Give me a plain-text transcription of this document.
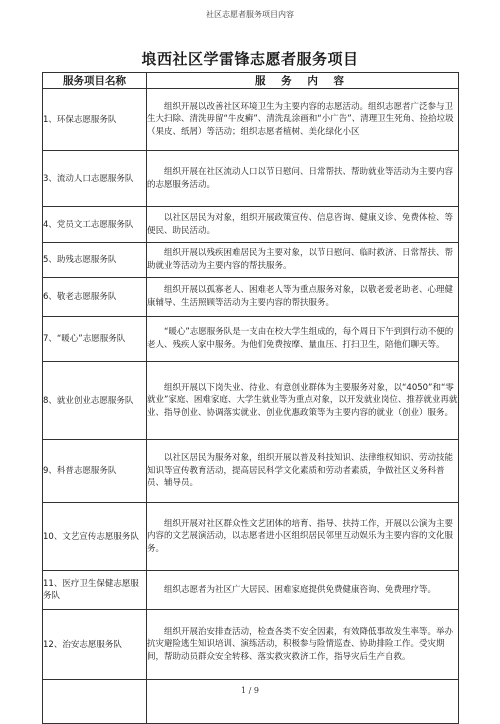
社区志愿者服务项目内容
埌西社区学雷锋志愿者服务项目
服务项目名称	服 务 内 容
1、环保志愿服务队	组织开展以改善社区环境卫生为主要内容的志愿活动。组织志愿者广泛参与卫生大扫除、清洗毋留“牛皮癣”、清洗乱涂画和“小广告”、清理卫生死角、捡拾垃圾（果皮、纸屑）等活动；组织志愿者植树、美化绿化小区

3、流动人口志愿服务队	组织开展在社区流动人口以节日慰问、日常帮扶、帮助就业等活动为主要内容的志愿服务活动。

4、党员文工志愿服务队	以社区居民为对象，组织开展政策宣传、信息咨询、健康义诊、免费体检、等便民、助民活动。

5、助残志愿服务队	组织开展以残疾困难居民为主要对象，以节日慰问、临时救济、日常帮扶、帮助就业等活动为主要内容的帮扶服务。

6、敬老志愿服务队	组织开展以孤寡老人、困难老人等为重点服务对象，以敬老爱老助老、心理健康辅导、生活照顾等活动为主要内容的帮扶服务。

7、“暖心”志愿服务队	“暖心”志愿服务队是一支由在校大学生组成的，每个周日下午到到行动不便的老人、残疾人家中服务。为他们免费按摩、量血压、打扫卫生，陪他们聊天等。

8、就业创业志愿服务队	组织开展以下岗失业、待业、有意创业群体为主要服务对象，以“4050”和“零就业”家庭、困难家庭、大学生就业等为重点对象，以开发就业岗位、推荐就业再就业、指导创业、协调落实就业、创业优惠政策等为主要内容的就业（创业）服务。

9、科普志愿服务队	以社区居民为服务对象，组织开展以普及科技知识、法律维权知识、劳动技能知识等宣传教育活动，提高居民科学文化素质和劳动者素质，争做社区义务科普员、辅导员。

10、文艺宣传志愿服务队	组织开展对社区群众性文艺团体的培育、指导、扶持工作，开展以公演为主要内容的文艺展演活动，以志愿者进小区组织居民邻里互动娱乐为主要内容的文化服务。

11、医疗卫生保健志愿服务队	组织志愿者为社区广大居民、困难家庭提供免费健康咨询、免费理疗等。

12、治安志愿服务队	组织开展治安排查活动，检查各类不安全因素，有效降低事故发生率等。举办抗灾避险逃生知识培训、演练活动，积极参与险情巡查、协助排险工作。受灾期间，帮助动员群众安全转移、落实救灾救济工作，指导灾后生产自救。

1 / 9
